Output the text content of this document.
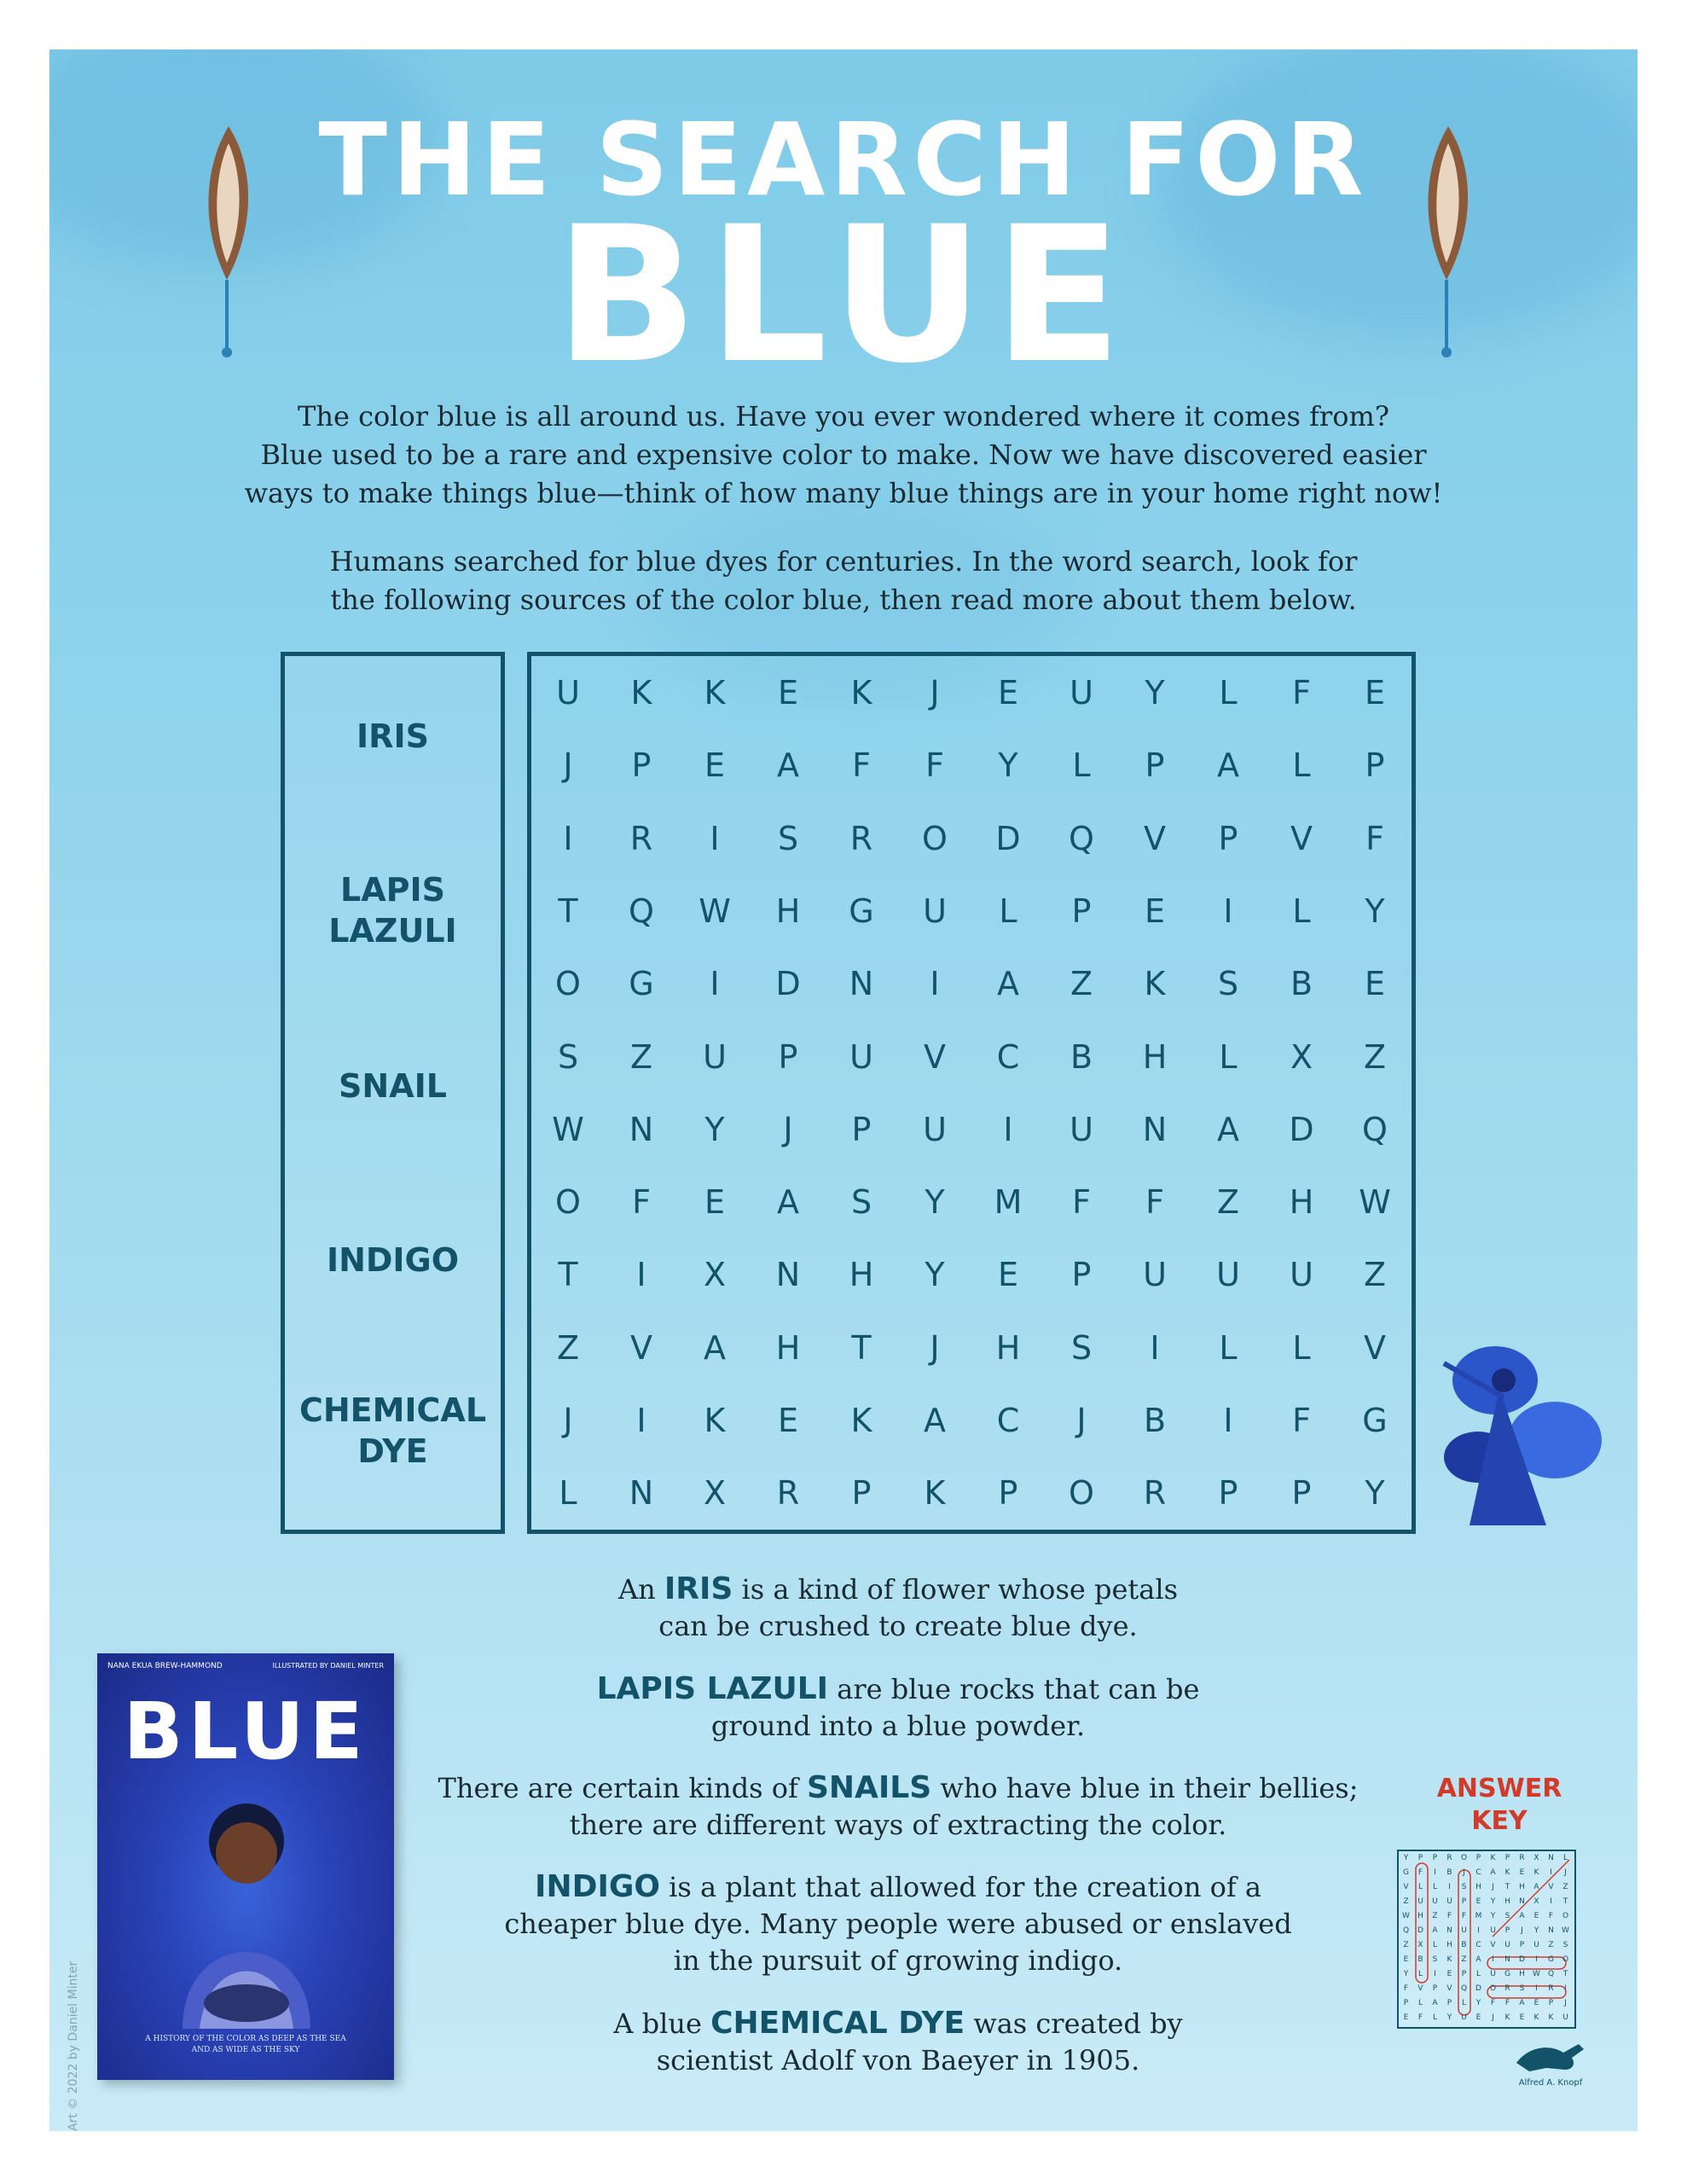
THE SEARCH FOR
BLUE
The color blue is all around us. Have you ever wondered where it comes from?
Blue used to be a rare and expensive color to make. Now we have discovered easier
ways to make things blue—think of how many blue things are in your home right now!
Humans searched for blue dyes for centuries. In the word search, look for
the following sources of the color blue, then read more about them below.
IRIS
LAPIS
LAZULI
SNAIL
INDIGO
CHEMICAL
DYE
U	K	K	E	K	J	E	U	Y	L	F	E
J	P	E	A	F	F	Y	L	P	A	L	P
I	R	I	S	R	O	D	Q	V	P	V	F
T	Q	W	H	G	U	L	P	E	I	L	Y
O	G	I	D	N	I	A	Z	K	S	B	E
S	Z	U	P	U	V	C	B	H	L	X	Z
W	N	Y	J	P	U	I	U	N	A	D	Q
O	F	E	A	S	Y	M	F	F	Z	H	W
T	I	X	N	H	Y	E	P	U	U	U	Z
Z	V	A	H	T	J	H	S	I	L	L	V
J	I	K	E	K	A	C	J	B	I	F	G
L	N	X	R	P	K	P	O	R	P	P	Y
NANA EKUA BREW-HAMMOND	ILLUSTRATED BY DANIEL MINTER
BLUE
A HISTORY OF THE COLOR AS DEEP AS THE SEA
AND AS WIDE AS THE SKY
An IRIS is a kind of flower whose petals
can be crushed to create blue dye.
LAPIS LAZULI are blue rocks that can be
ground into a blue powder.
There are certain kinds of SNAILS who have blue in their bellies;
there are different ways of extracting the color.
INDIGO is a plant that allowed for the creation of a
cheaper blue dye. Many people were abused or enslaved
in the pursuit of growing indigo.
A blue CHEMICAL DYE was created by
scientist Adolf von Baeyer in 1905.
ANSWER
KEY
Y	P	P	R	O	P	K	P	R	X	N	L
G	F	I	B	J	C	A	K	E	K	I	J
V	L	L	I	S	H	J	T	H	A	V	Z
Z	U	U	U	P	E	Y	H	N	X	I	T
W	H	Z	F	F	M	Y	S	A	E	F	O
Q	D	A	N	U	I	U	P	J	Y	N	W
Z	X	L	H	B	C	V	U	P	U	Z	S
E	B	S	K	Z	A	I	N	D	I	G	O
Y	L	I	E	P	L	U	G	H	W	Q	T
F	V	P	V	Q	D	O	R	S	I	R	I
P	L	A	P	L	Y	F	F	A	E	P	J
E	F	L	Y	U	E	J	K	E	K	K	U
Art © 2022 by Daniel Minter	Alfred A. Knopf
